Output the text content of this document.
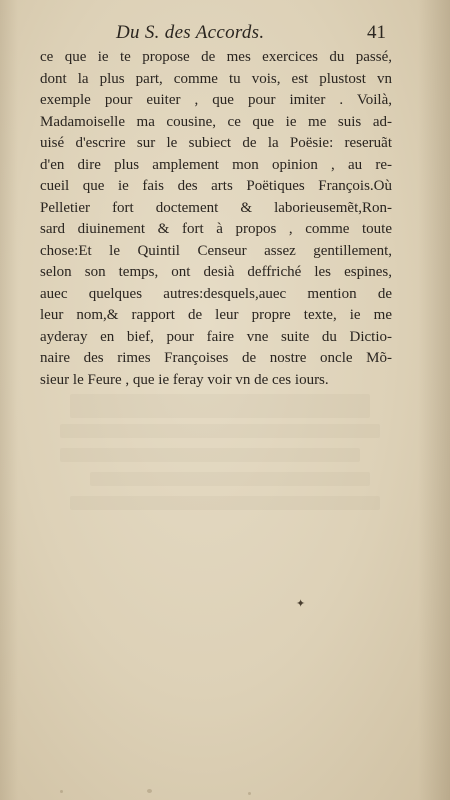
Du S. des Accords.	41
ce que ie te propose de mes exercices du passé,
dont la plus part, comme tu vois, est plustost vn
exemple pour euiter , que pour imiter . Voilà,
Madamoiselle ma cousine, ce que ie me suis ad-
uisé d'escrire sur le subiect de la Poësie: reseruãt
d'en dire plus amplement mon opinion , au re-
cueil que ie fais des arts Poëtiques François.Où
Pelletier fort doctement & laborieusemẽt,Ron-
sard diuinement & fort à propos , comme toute
chose:Et le Quintil Censeur assez gentillement,
selon son temps, ont desià deffriché les espines,
auec quelques autres:desquels,auec mention de
leur nom,& rapport de leur propre texte, ie me
ayderay en bief, pour faire vne suite du Dictio-
naire des rimes Françoises de nostre oncle Mõ-
sieur le Feure , que ie feray voir vn de ces iours.
✦
